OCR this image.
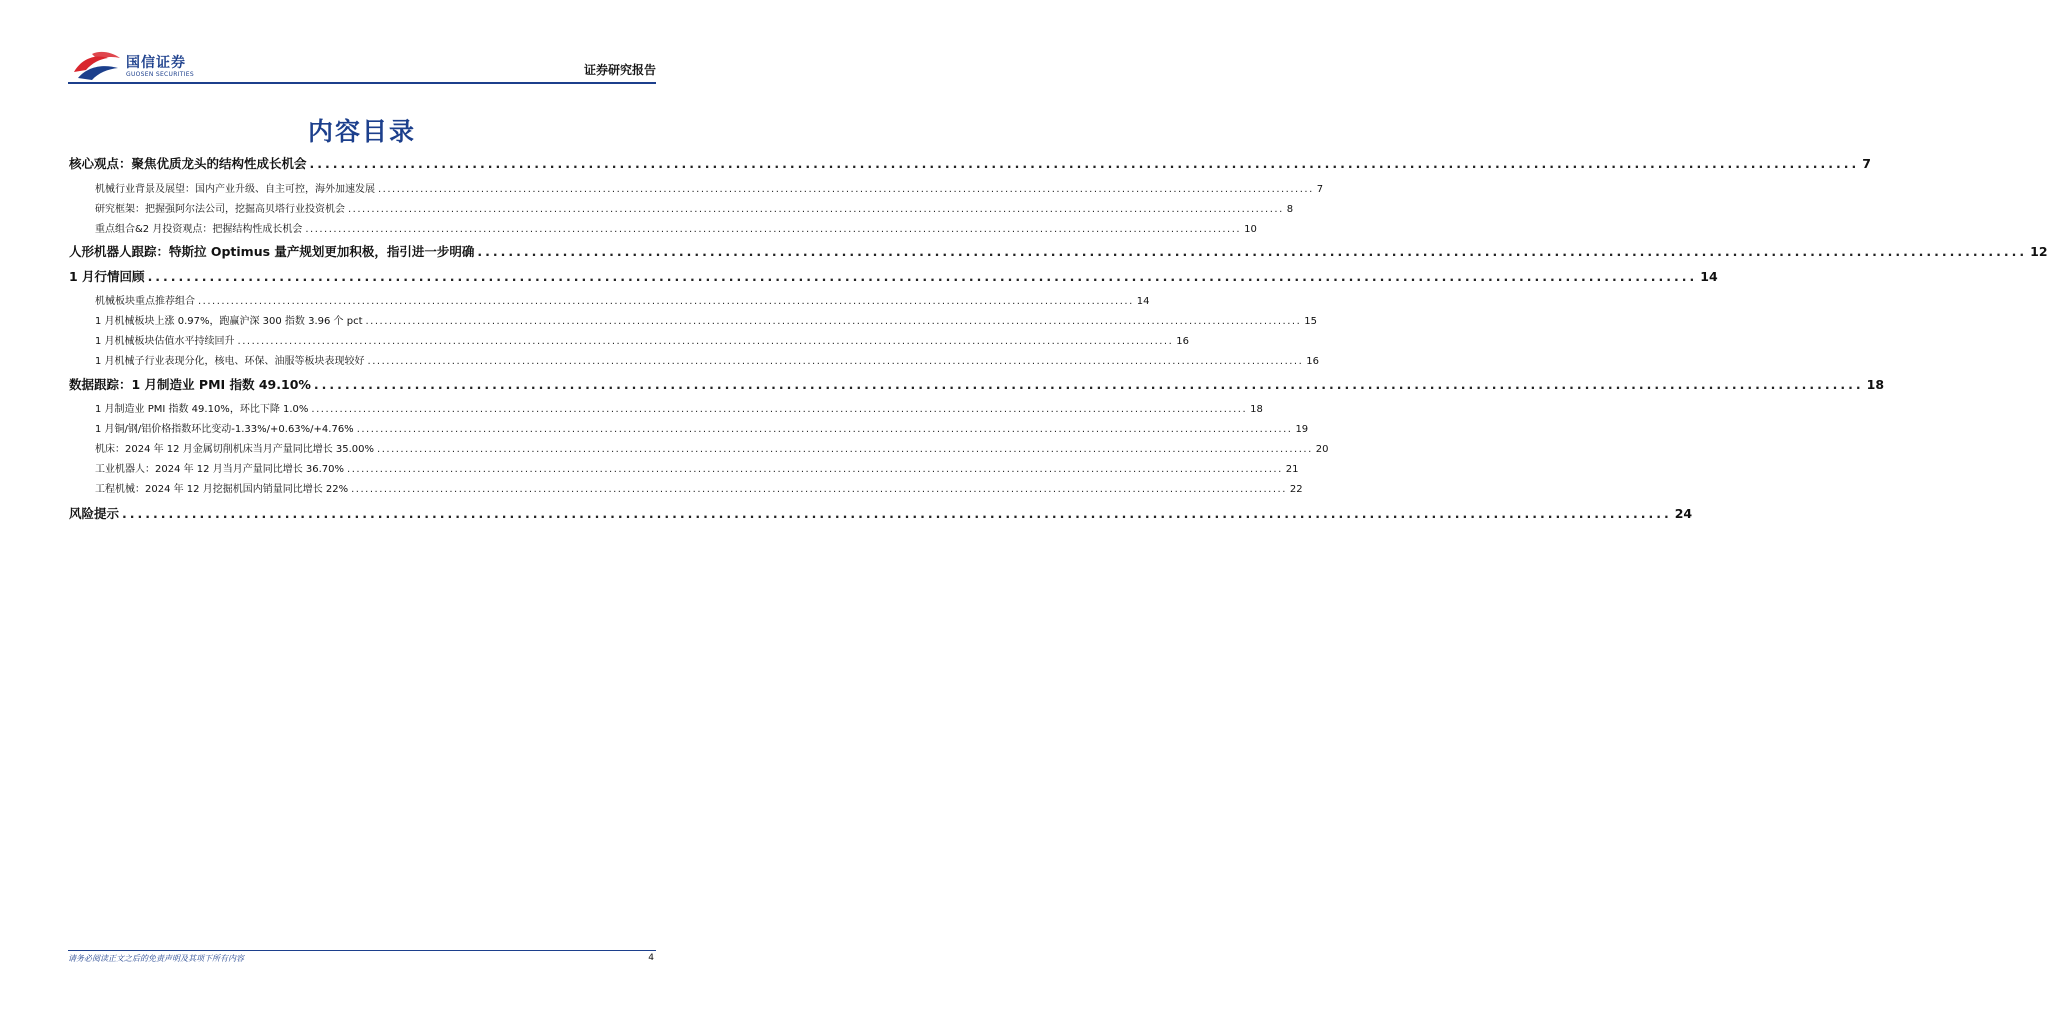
国信证券
GUOSEN SECURITIES	证券研究报告
内容目录
核心观点：聚焦优质龙头的结构性成长机会 ........................................................................................................................................................................................................ 7
机械行业背景及展望：国内产业升级、自主可控，海外加速发展 ........................................................................................................................................................................................................ 7
研究框架：把握强阿尔法公司，挖掘高贝塔行业投资机会 ........................................................................................................................................................................................................ 8
重点组合&2 月投资观点：把握结构性成长机会 ........................................................................................................................................................................................................ 10
人形机器人跟踪：特斯拉 Optimus 量产规划更加积极，指引进一步明确 ........................................................................................................................................................................................................ 12
1 月行情回顾 ........................................................................................................................................................................................................ 14
机械板块重点推荐组合 ........................................................................................................................................................................................................ 14
1 月机械板块上涨 0.97%，跑赢沪深 300 指数 3.96 个 pct ........................................................................................................................................................................................................ 15
1 月机械板块估值水平持续回升 ........................................................................................................................................................................................................ 16
1 月机械子行业表现分化，核电、环保、油服等板块表现较好 ........................................................................................................................................................................................................ 16
数据跟踪：1 月制造业 PMI 指数 49.10% ........................................................................................................................................................................................................ 18
1 月制造业 PMI 指数 49.10%，环比下降 1.0% ........................................................................................................................................................................................................ 18
1 月铜/钢/铝价格指数环比变动-1.33%/+0.63%/+4.76% ........................................................................................................................................................................................................ 19
机床：2024 年 12 月金属切削机床当月产量同比增长 35.00% ........................................................................................................................................................................................................ 20
工业机器人：2024 年 12 月当月产量同比增长 36.70% ........................................................................................................................................................................................................ 21
工程机械：2024 年 12 月挖掘机国内销量同比增长 22% ........................................................................................................................................................................................................ 22
风险提示 ........................................................................................................................................................................................................ 24
请务必阅读正文之后的免责声明及其项下所有内容	4
